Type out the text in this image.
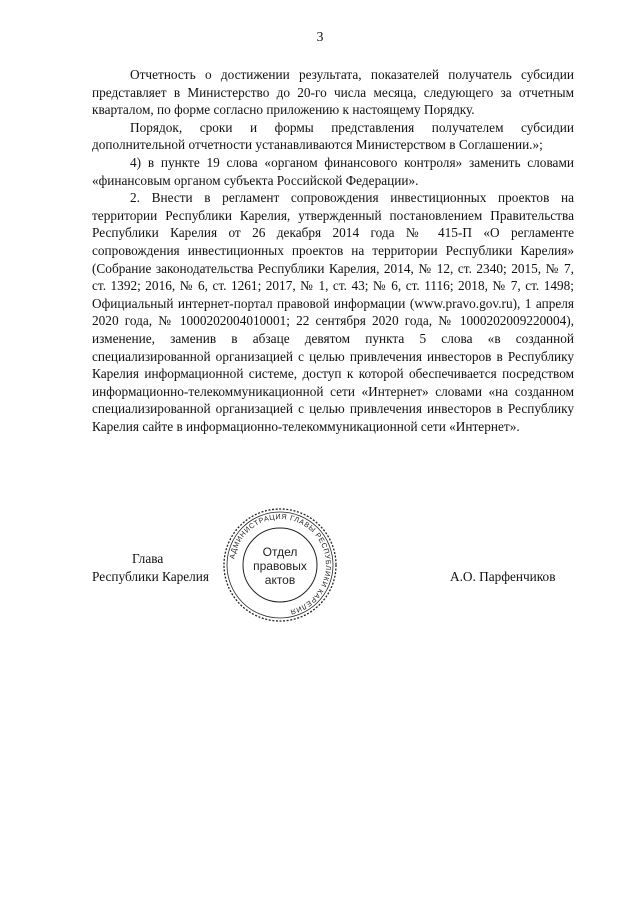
3

Отчетность о достижении результата, показателей получатель субсидии представляет в Министерство до 20-го числа месяца, следующего за отчетным кварталом, по форме согласно приложению к настоящему Порядку.

Порядок, сроки и формы представления получателем субсидии дополнительной отчетности устанавливаются Министерством в Соглашении.»;

4) в пункте 19 слова «органом финансового контроля» заменить словами «финансовым органом субъекта Российской Федерации».

2. Внести в регламент сопровождения инвестиционных проектов на территории Республики Карелия, утвержденный постановлением Правительства Республики Карелия от 26 декабря 2014 года № 415-П «О регламенте сопровождения инвестиционных проектов на территории Республики Карелия» (Собрание законодательства Республики Карелия, 2014, № 12, ст. 2340; 2015, № 7, ст. 1392; 2016, № 6, ст. 1261; 2017, № 1, ст. 43; № 6, ст. 1116; 2018, № 7, ст. 1498; Официальный интернет-портал правовой информации (www.pravo.gov.ru), 1 апреля 2020 года, № 1000202004010001; 22 сентября 2020 года, № 1000202009220004), изменение, заменив в абзаце девятом пункта 5 слова «в созданной специализированной организацией с целью привлечения инвесторов в Республику Карелия информационной системе, доступ к которой обеспечивается посредством информационно-телекоммуникационной сети «Интернет» словами «на созданном специализированной организацией с целью привлечения инвесторов в Республику Карелия сайте в информационно-телекоммуникационной сети «Интернет».

Глава
Республики Карелия
АДМИНИСТРАЦИЯ ГЛАВЫ РЕСПУБЛИКИ КАРЕЛИЯ
Отдел
правовых
актов	А.О. Парфенчиков
